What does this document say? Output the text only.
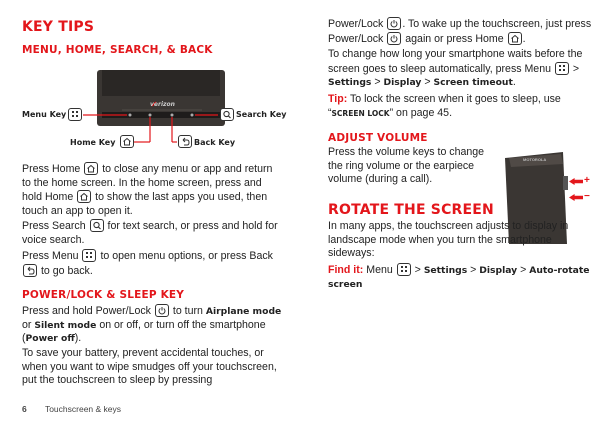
KEY TIPS
MENU, HOME, SEARCH, & BACK
verizon
Menu Key	Search Key
Home Key	Back Key

Press Home to close any menu or app and return to the home screen. In the home screen, press and hold Home to show the last apps you used, then touch an app to open it.

Press Search for text search, or press and hold for voice search.

Press Menu to open menu options, or press Back
to go back.

POWER/LOCK & SLEEP KEY

Press and hold Power/Lock to turn Airplane mode or Silent mode on or off, or turn off the smartphone (Power off).

To save your battery, prevent accidental touches, or when you want to wipe smudges off your touchscreen, put the touchscreen to sleep by pressing

Power/Lock . To wake up the touchscreen, just press Power/Lock again or press Home .

To change how long your smartphone waits before the screen goes to sleep automatically, press Menu > Settings > Display > Screen timeout.

Tip: To lock the screen when it goes to sleep, use “SCREEN LOCK” on page 45.

ADJUST VOLUME

Press the volume keys to change the ring volume or the earpiece volume (during a call).

MOTOROLA
+
−
ROTATE THE SCREEN

In many apps, the touchscreen adjusts to display in landscape mode when you turn the smartphone sideways:

Find it: Menu > Settings > Display > Auto-rotate screen

6 Touchscreen & keys
